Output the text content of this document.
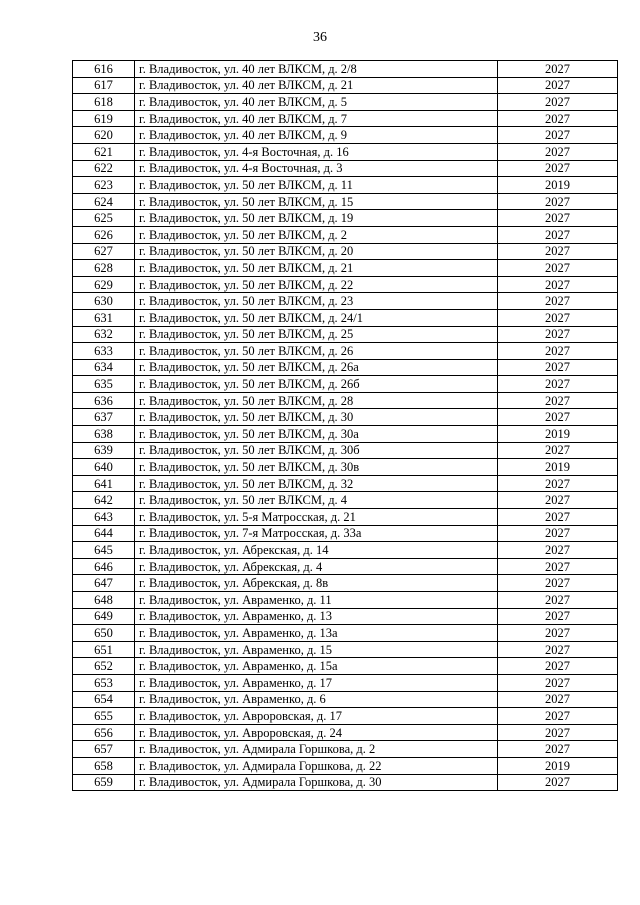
36
616	г. Владивосток, ул. 40 лет ВЛКСМ, д. 2/8	2027
617	г. Владивосток, ул. 40 лет ВЛКСМ, д. 21	2027
618	г. Владивосток, ул. 40 лет ВЛКСМ, д. 5	2027
619	г. Владивосток, ул. 40 лет ВЛКСМ, д. 7	2027
620	г. Владивосток, ул. 40 лет ВЛКСМ, д. 9	2027
621	г. Владивосток, ул. 4-я Восточная, д. 16	2027
622	г. Владивосток, ул. 4-я Восточная, д. 3	2027
623	г. Владивосток, ул. 50 лет ВЛКСМ, д. 11	2019
624	г. Владивосток, ул. 50 лет ВЛКСМ, д. 15	2027
625	г. Владивосток, ул. 50 лет ВЛКСМ, д. 19	2027
626	г. Владивосток, ул. 50 лет ВЛКСМ, д. 2	2027
627	г. Владивосток, ул. 50 лет ВЛКСМ, д. 20	2027
628	г. Владивосток, ул. 50 лет ВЛКСМ, д. 21	2027
629	г. Владивосток, ул. 50 лет ВЛКСМ, д. 22	2027
630	г. Владивосток, ул. 50 лет ВЛКСМ, д. 23	2027
631	г. Владивосток, ул. 50 лет ВЛКСМ, д. 24/1	2027
632	г. Владивосток, ул. 50 лет ВЛКСМ, д. 25	2027
633	г. Владивосток, ул. 50 лет ВЛКСМ, д. 26	2027
634	г. Владивосток, ул. 50 лет ВЛКСМ, д. 26а	2027
635	г. Владивосток, ул. 50 лет ВЛКСМ, д. 26б	2027
636	г. Владивосток, ул. 50 лет ВЛКСМ, д. 28	2027
637	г. Владивосток, ул. 50 лет ВЛКСМ, д. 30	2027
638	г. Владивосток, ул. 50 лет ВЛКСМ, д. 30а	2019
639	г. Владивосток, ул. 50 лет ВЛКСМ, д. 30б	2027
640	г. Владивосток, ул. 50 лет ВЛКСМ, д. 30в	2019
641	г. Владивосток, ул. 50 лет ВЛКСМ, д. 32	2027
642	г. Владивосток, ул. 50 лет ВЛКСМ, д. 4	2027
643	г. Владивосток, ул. 5-я Матросская, д. 21	2027
644	г. Владивосток, ул. 7-я Матросская, д. 33а	2027
645	г. Владивосток, ул. Абрекская, д. 14	2027
646	г. Владивосток, ул. Абрекская, д. 4	2027
647	г. Владивосток, ул. Абрекская, д. 8в	2027
648	г. Владивосток, ул. Авраменко, д. 11	2027
649	г. Владивосток, ул. Авраменко, д. 13	2027
650	г. Владивосток, ул. Авраменко, д. 13а	2027
651	г. Владивосток, ул. Авраменко, д. 15	2027
652	г. Владивосток, ул. Авраменко, д. 15а	2027
653	г. Владивосток, ул. Авраменко, д. 17	2027
654	г. Владивосток, ул. Авраменко, д. 6	2027
655	г. Владивосток, ул. Авроровская, д. 17	2027
656	г. Владивосток, ул. Авроровская, д. 24	2027
657	г. Владивосток, ул. Адмирала Горшкова, д. 2	2027
658	г. Владивосток, ул. Адмирала Горшкова, д. 22	2019
659	г. Владивосток, ул. Адмирала Горшкова, д. 30	2027
